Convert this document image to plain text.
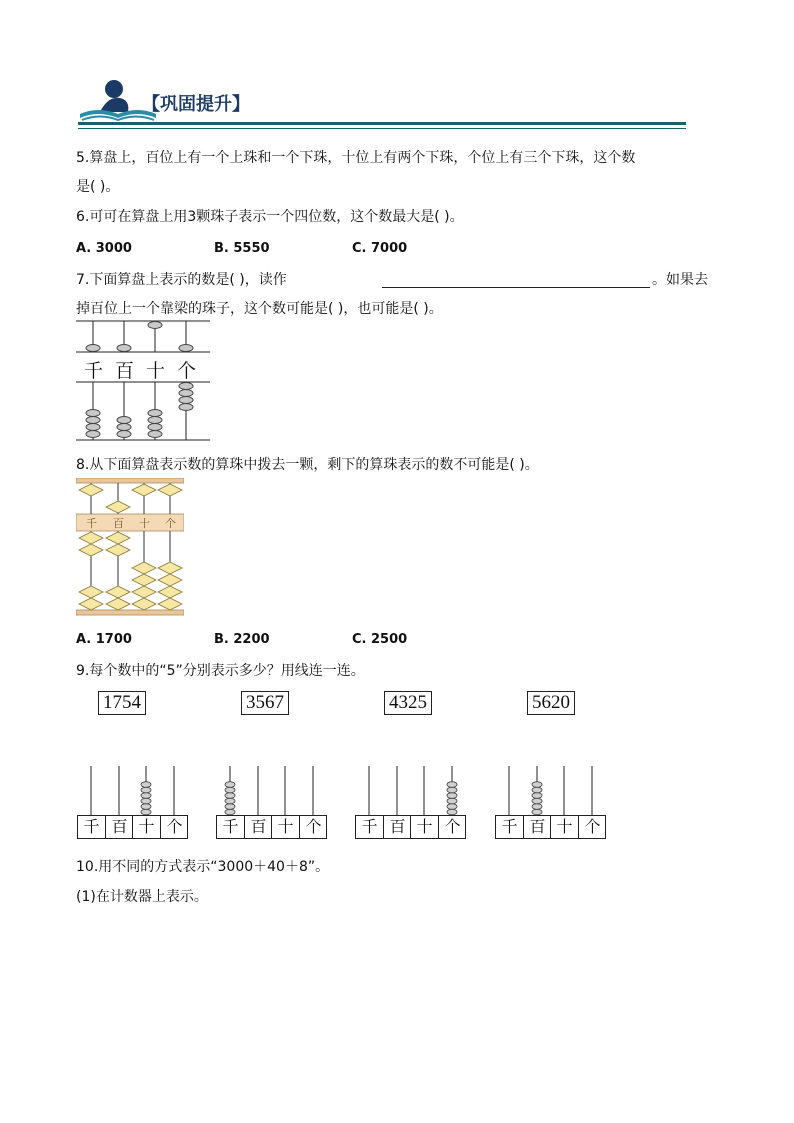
【巩固提升】
5.算盘上，百位上有一个上珠和一个下珠，十位上有两个下珠，个位上有三个下珠，这个数
是( )。
6.可可在算盘上用3颗珠子表示一个四位数，这个数最大是( )。
A. 3000	B. 5550	C. 7000
7.下面算盘上表示的数是( )，读作	。如果去
掉百位上一个靠梁的珠子，这个数可能是( )，也可能是( )。
千 百 十 个
8.从下面算盘表示数的算珠中拨去一颗，剩下的算珠表示的数不可能是( )。
千 百 十 个
A. 1700	B. 2200	C. 2500
9.每个数中的“5”分别表示多少？用线连一连。
1754	3567	4325	5620
千 百 十 个	千 百 十 个	千 百 十 个	千 百 十 个
10.用不同的方式表示“3000＋40＋8”。
(1)在计数器上表示。
